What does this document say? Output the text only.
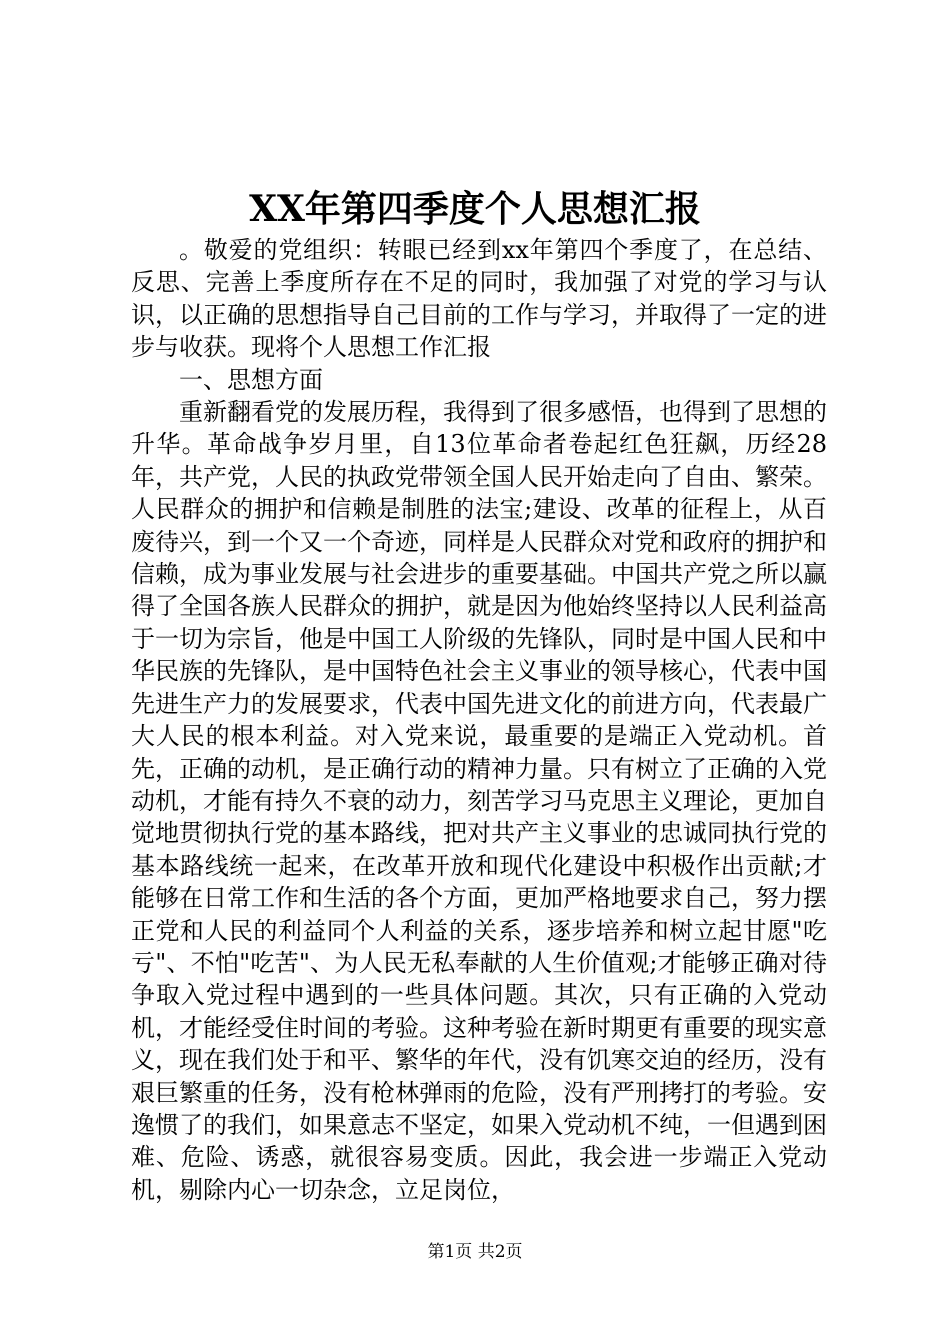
XX年第四季度个人思想汇报

。敬爱的党组织：转眼已经到xx年第四个季度了，在总结、反思、完善上季度所存在不足的同时，我加强了对党的学习与认识，以正确的思想指导自己目前的工作与学习，并取得了一定的进步与收获。现将个人思想工作汇报

一、思想方面

重新翻看党的发展历程，我得到了很多感悟，也得到了思想的升华。革命战争岁月里，自13位革命者卷起红色狂飙，历经28年，共产党，人民的执政党带领全国人民开始走向了自由、繁荣。人民群众的拥护和信赖是制胜的法宝;建设、改革的征程上，从百废待兴，到一个又一个奇迹，同样是人民群众对党和政府的拥护和信赖，成为事业发展与社会进步的重要基础。中国共产党之所以赢得了全国各族人民群众的拥护，就是因为他始终坚持以人民利益高于一切为宗旨，他是中国工人阶级的先锋队，同时是中国人民和中华民族的先锋队，是中国特色社会主义事业的领导核心，代表中国先进生产力的发展要求，代表中国先进文化的前进方向，代表最广大人民的根本利益。对入党来说，最重要的是端正入党动机。首先，正确的动机，是正确行动的精神力量。只有树立了正确的入党动机，才能有持久不衰的动力，刻苦学习马克思主义理论，更加自觉地贯彻执行党的基本路线，把对共产主义事业的忠诚同执行党的基本路线统一起来，在改革开放和现代化建设中积极作出贡献;才能够在日常工作和生活的各个方面，更加严格地要求自己，努力摆正党和人民的利益同个人利益的关系，逐步培养和树立起甘愿"吃亏"、不怕"吃苦"、为人民无私奉献的人生价值观;才能够正确对待争取入党过程中遇到的一些具体问题。其次，只有正确的入党动机，才能经受住时间的考验。这种考验在新时期更有重要的现实意义，现在我们处于和平、繁华的年代，没有饥寒交迫的经历，没有艰巨繁重的任务，没有枪林弹雨的危险，没有严刑拷打的考验。安逸惯了的我们，如果意志不坚定，如果入党动机不纯，一但遇到困难、危险、诱惑，就很容易变质。因此，我会进一步端正入党动机，剔除内心一切杂念，立足岗位，

第1页 共2页
